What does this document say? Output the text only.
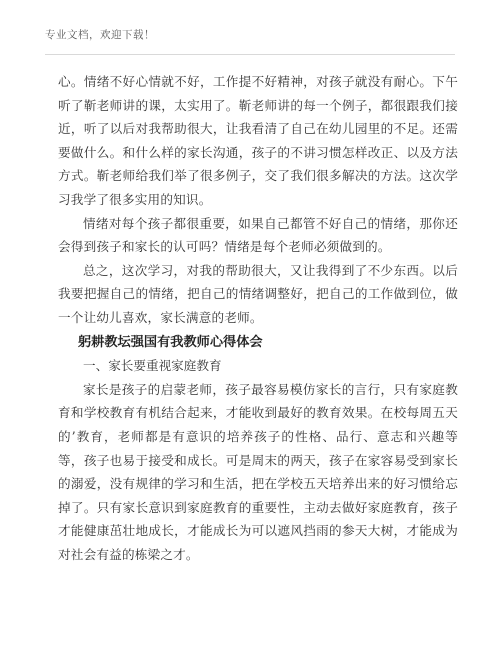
专业文档，欢迎下载！

心。情绪不好心情就不好，工作提不好精神，对孩子就没有耐心。下午听了靳老师讲的课，太实用了。靳老师讲的每一个例子，都很跟我们接近，听了以后对我帮助很大，让我看清了自己在幼儿园里的不足。还需要做什么。和什么样的家长沟通，孩子的不讲习惯怎样改正、以及方法方式。靳老师给我们举了很多例子，交了我们很多解决的方法。这次学习我学了很多实用的知识。

情绪对每个孩子都很重要，如果自己都管不好自己的情绪，那你还会得到孩子和家长的认可吗？情绪是每个老师必须做到的。

总之，这次学习，对我的帮助很大，又让我得到了不少东西。以后我要把握自己的情绪，把自己的情绪调整好，把自己的工作做到位，做一个让幼儿喜欢，家长满意的老师。

躬耕教坛强国有我教师心得体会
一、家长要重视家庭教育

家长是孩子的启蒙老师，孩子最容易模仿家长的言行，只有家庭教育和学校教育有机结合起来，才能收到最好的教育效果。在校每周五天的’教育，老师都是有意识的培养孩子的性格、品行、意志和兴趣等等，孩子也易于接受和成长。可是周末的两天，孩子在家容易受到家长的溺爱，没有规律的学习和生活，把在学校五天培养出来的好习惯给忘掉了。只有家长意识到家庭教育的重要性，主动去做好家庭教育，孩子才能健康茁壮地成长，才能成长为可以遮风挡雨的参天大树，才能成为对社会有益的栋梁之才。
